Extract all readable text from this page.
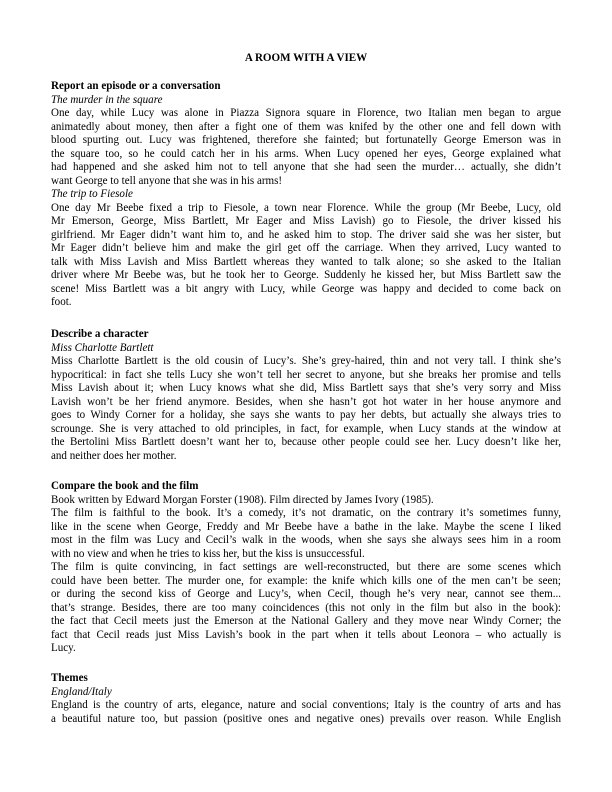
A ROOM WITH A VIEW
Report an episode or a conversation
The murder in the square
One day, while Lucy was alone in Piazza Signora square in Florence, two Italian men began to argue
animatedly about money, then after a fight one of them was knifed by the other one and fell down with
blood spurting out. Lucy was frightened, therefore she fainted; but fortunatelly George Emerson was in
the square too, so he could catch her in his arms. When Lucy opened her eyes, George explained what
had happened and she asked him not to tell anyone that she had seen the murder… actually, she didn’t
want George to tell anyone that she was in his arms!
The trip to Fiesole
One day Mr Beebe fixed a trip to Fiesole, a town near Florence. While the group (Mr Beebe, Lucy, old
Mr Emerson, George, Miss Bartlett, Mr Eager and Miss Lavish) go to Fiesole, the driver kissed his
girlfriend. Mr Eager didn’t want him to, and he asked him to stop. The driver said she was her sister, but
Mr Eager didn’t believe him and make the girl get off the carriage. When they arrived, Lucy wanted to
talk with Miss Lavish and Miss Bartlett whereas they wanted to talk alone; so she asked to the Italian
driver where Mr Beebe was, but he took her to George. Suddenly he kissed her, but Miss Bartlett saw the
scene! Miss Bartlett was a bit angry with Lucy, while George was happy and decided to come back on
foot.
Describe a character
Miss Charlotte Bartlett
Miss Charlotte Bartlett is the old cousin of Lucy’s. She’s grey-haired, thin and not very tall. I think she’s
hypocritical: in fact she tells Lucy she won’t tell her secret to anyone, but she breaks her promise and tells
Miss Lavish about it; when Lucy knows what she did, Miss Bartlett says that she’s very sorry and Miss
Lavish won’t be her friend anymore. Besides, when she hasn’t got hot water in her house anymore and
goes to Windy Corner for a holiday, she says she wants to pay her debts, but actually she always tries to
scrounge. She is very attached to old principles, in fact, for example, when Lucy stands at the window at
the Bertolini Miss Bartlett doesn’t want her to, because other people could see her. Lucy doesn’t like her,
and neither does her mother.
Compare the book and the film
Book written by Edward Morgan Forster (1908). Film directed by James Ivory (1985).
The film is faithful to the book. It’s a comedy, it’s not dramatic, on the contrary it’s sometimes funny,
like in the scene when George, Freddy and Mr Beebe have a bathe in the lake. Maybe the scene I liked
most in the film was Lucy and Cecil’s walk in the woods, when she says she always sees him in a room
with no view and when he tries to kiss her, but the kiss is unsuccessful.
The film is quite convincing, in fact settings are well-reconstructed, but there are some scenes which
could have been better. The murder one, for example: the knife which kills one of the men can’t be seen;
or during the second kiss of George and Lucy’s, when Cecil, though he’s very near, cannot see them...
that’s strange. Besides, there are too many coincidences (this not only in the film but also in the book):
the fact that Cecil meets just the Emerson at the National Gallery and they move near Windy Corner; the
fact that Cecil reads just Miss Lavish’s book in the part when it tells about Leonora – who actually is
Lucy.
Themes
England/Italy
England is the country of arts, elegance, nature and social conventions; Italy is the country of arts and has
a beautiful nature too, but passion (positive ones and negative ones) prevails over reason. While English
